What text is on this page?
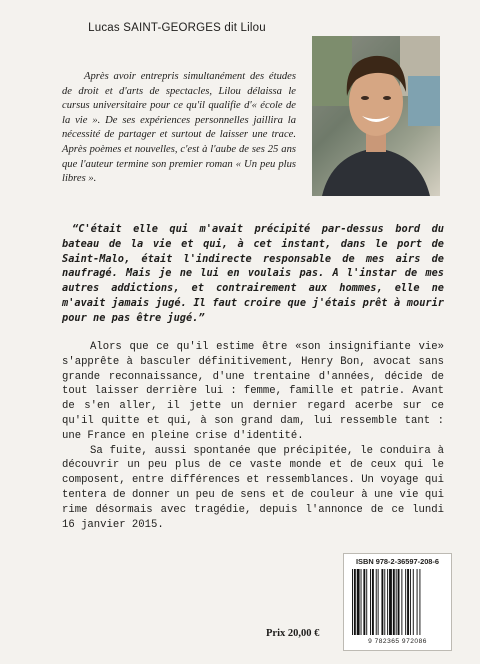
Lucas SAINT-GEORGES dit Lilou
Après avoir entrepris simultanément des études de droit et d'arts de spectacles, Lilou délaissa le cursus universitaire pour ce qu'il qualifie d'« école de la vie ». De ses expériences personnelles jaillira la nécessité de partager et surtout de laisser une trace. Après poèmes et nouvelles, c'est à l'aube de ses 25 ans que l'auteur termine son premier roman « Un peu plus libres ».

“C'était elle qui m'avait précipité par-dessus bord du bateau de la vie et qui, à cet instant, dans le port de Saint-Malo, était l'indirecte responsable de mes airs de naufragé. Mais je ne lui en voulais pas. A l'instar de mes autres addictions, et contrairement aux hommes, elle ne m'avait jamais jugé. Il faut croire que j'étais prêt à mourir pour ne pas être jugé.”

Alors que ce qu'il estime être «son insignifiante vie» s'apprête à basculer définitivement, Henry Bon, avocat sans grande reconnaissance, d'une trentaine d'années, décide de tout laisser derrière lui : femme, famille et patrie. Avant de s'en aller, il jette un dernier regard acerbe sur ce qu'il quitte et qui, à son grand dam, lui ressemble tant : une France en pleine crise d'identité.

Sa fuite, aussi spontanée que précipitée, le conduira à découvrir un peu plus de ce vaste monde et de ceux qui le composent, entre différences et ressemblances. Un voyage qui tentera de donner un peu de sens et de couleur à une vie qui rime désormais avec tragédie, depuis l'annonce de ce lundi 16 janvier 2015.

ISBN 978-2-36597-208-6
9 782365 972086
Prix 20,00 €
